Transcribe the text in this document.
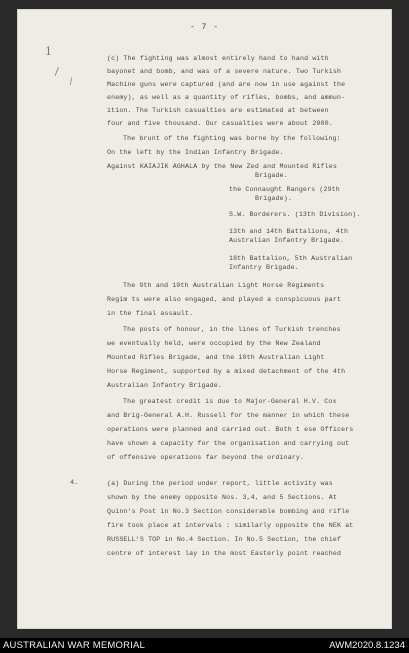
- 7 -
1
\
\
(c) The fighting was almost entirely hand to hand with
bayonet and bomb, and was of a severe nature. Two Turkish
Machine guns were captured (and are now in use against the
enemy), as well as a quantity of rifles, bombs, and ammun-
ition. The Turkish casualties are estimated at between
four and five thousand. Our casualties were about 2000.
The brunt of the fighting was borne by the following:
On the left by the Indian Infantry Brigade.
Against KAIAJIK AGHALA by the New Zed and Mounted Rifles
Brigade.
the Connaught Rangers (29th
Brigade).
S.W. Borderers. (13th Division).
13th and 14th Battalions, 4th
Australian Infantry Brigade.
18th Battalion, 5th Australian
Infantry Brigade.
The 9th and 10th Australian Light Horse Regiments
Regim ts were also engaged, and played a conspicuous part
in the final assault.
The posts of honour, in the lines of Turkish trenches
we eventually held, were occupied by the New Zealand
Mounted Rifles Brigade, and the 10th Australian Light
Horse Regiment, supported by a mixed detachment of the 4th
Australian Infantry Brigade.
The greatest credit is due to Major-General H.V. Cox
and Brig-General A.H. Russell for the manner in which these
operations were planned and carried out. Both t ese Officers
have shown a capacity for the organisation and carrying out
of offensive operations far beyond the ordinary.
4.	(a) During the period under report, little activity was
shown by the enemy opposite Nos. 3,4, and 5 Sections. At
Quinn's Post in No.3 Section considerable bombing and rifle
fire took place at intervals : similarly opposite the NEK at
RUSSELL'S TOP in No.4 Section. In No.5 Section, the chief
centre of interest lay in the most Easterly point reached
AUSTRALIAN WAR MEMORIAL	AWM2020.8.1234
